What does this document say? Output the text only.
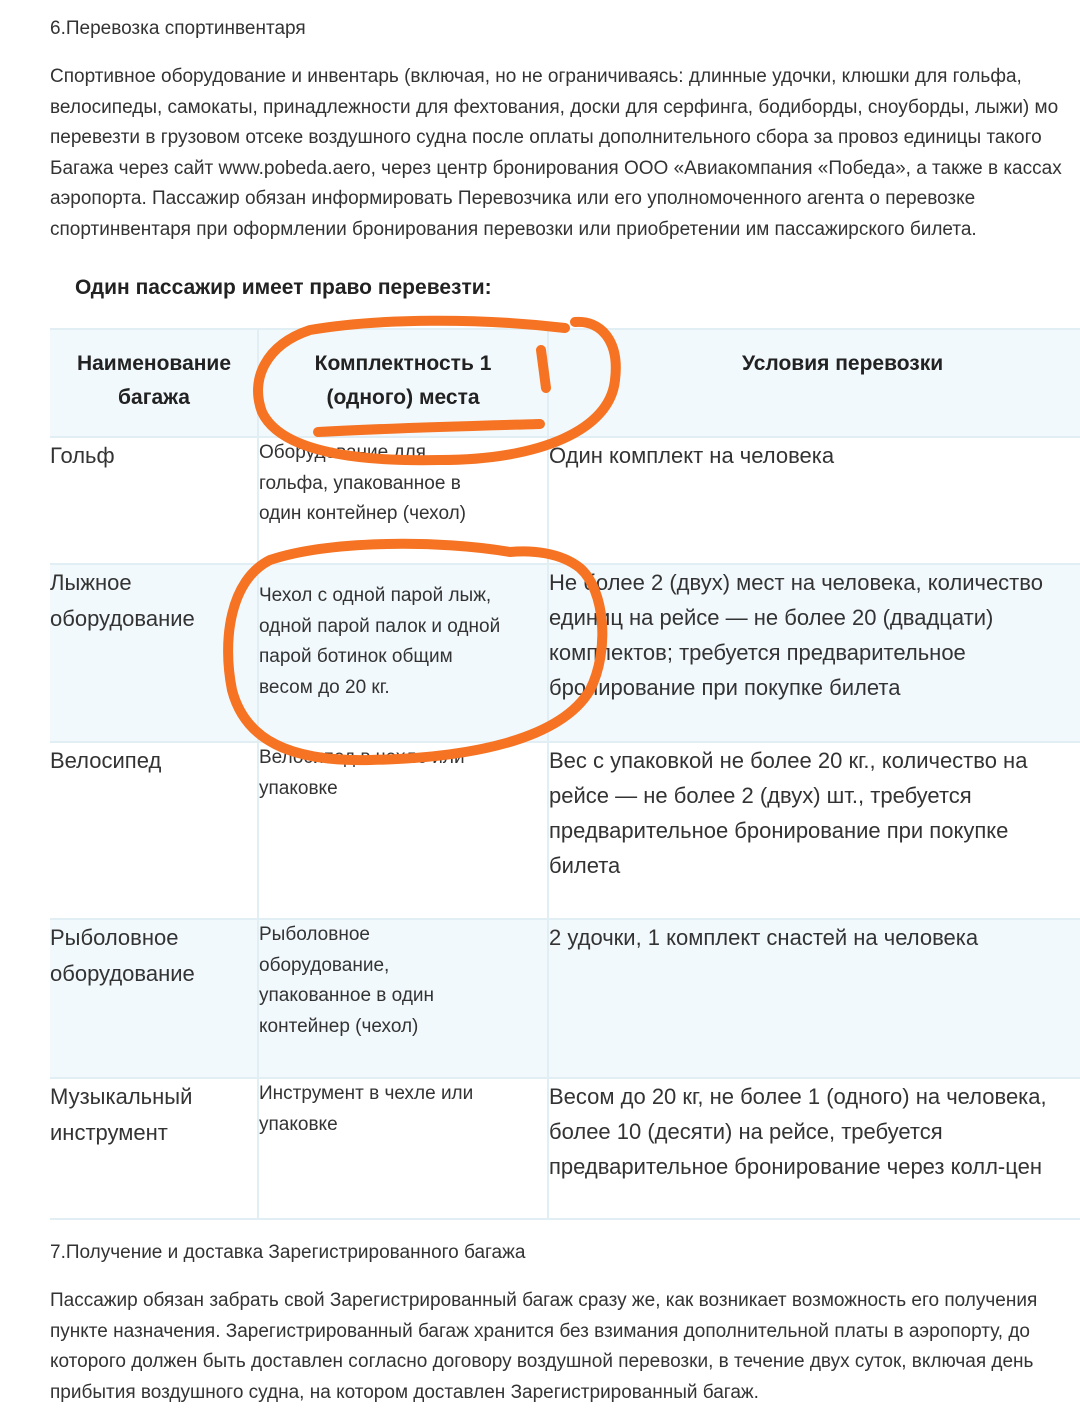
6.Перевозка спортинвентаря
Спортивное оборудование и инвентарь (включая, но не ограничиваясь: длинные удочки, клюшки для гольфа,
велосипеды, самокаты, принадлежности для фехтования, доски для серфинга, бодиборды, сноуборды, лыжи) мо
перевезти в грузовом отсеке воздушного судна после оплаты дополнительного сбора за провоз единицы такого
Багажа через сайт www.pobeda.aero, через центр бронирования ООО «Авиакомпания «Победа», а также в кассах
аэропорта. Пассажир обязан информировать Перевозчика или его уполномоченного агента о перевозке
спортинвентаря при оформлении бронирования перевозки или приобретении им пассажирского билета.
Один пассажир имеет право перевезти:
Наименование багажа	Комплектность 1 (одного) места	Условия перевозки

Гольф	Оборудование для гольфа, упакованное в один контейнер (чехол)	Один комплект на человека

Лыжное оборудование	Чехол с одной парой лыж, одной парой палок и одной парой ботинок общим весом до 20 кг.	Не более 2 (двух) мест на человека, количество
единиц на рейсе — не более 20 (двадцати)
комплектов; требуется предварительное
бронирование при покупке билета

Велосипед	Велосипед в чехле или упаковке	Вес с упаковкой не более 20 кг., количество на
рейсе — не более 2 (двух) шт., требуется
предварительное бронирование при покупке
билета

Рыболовное оборудование	Рыболовное оборудование, упакованное в один контейнер (чехол)	2 удочки, 1 комплект снастей на человека

Музыкальный инструмент	Инструмент в чехле или упаковке	Весом до 20 кг, не более 1 (одного) на человека,
более 10 (десяти) на рейсе, требуется
предварительное бронирование через колл-цен
7.Получение и доставка Зарегистрированного багажа
Пассажир обязан забрать свой Зарегистрированный багаж сразу же, как возникает возможность его получения
пункте назначения. Зарегистрированный багаж хранится без взимания дополнительной платы в аэропорту, до
которого должен быть доставлен согласно договору воздушной перевозки, в течение двух суток, включая день
прибытия воздушного судна, на котором доставлен Зарегистрированный багаж.
